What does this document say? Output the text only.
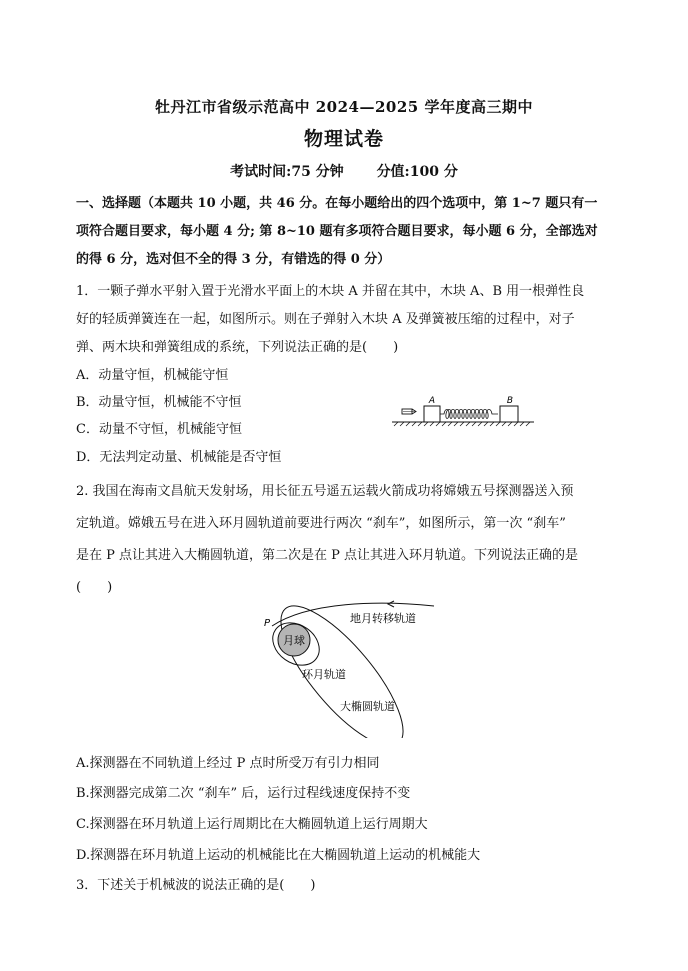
牡丹江市省级示范高中 2024—2025 学年度高三期中
物理试卷
考试时间:75 分钟 分值:100 分
一、选择题（本题共 10 小题，共 46 分。在每小题给出的四个选项中，第 1~7 题只有一
项符合题目要求，每小题 4 分; 第 8~10 题有多项符合题目要求，每小题 6 分，全部选对
的得 6 分，选对但不全的得 3 分，有错选的得 0 分）
1．一颗子弹水平射入置于光滑水平面上的木块 A 并留在其中，木块 A、B 用一根弹性良
好的轻质弹簧连在一起，如图所示。则在子弹射入木块 A 及弹簧被压缩的过程中，对子
弹、两木块和弹簧组成的系统，下列说法正确的是(　　)
A．动量守恒，机械能守恒
B．动量守恒，机械能不守恒
C．动量不守恒，机械能守恒
D．无法判定动量、机械能是否守恒
A	B
2. 我国在海南文昌航天发射场，用长征五号遥五运载火箭成功将嫦娥五号探测器送入预
定轨道。嫦娥五号在进入环月圆轨道前要进行两次 “刹车”，如图所示，第一次 “刹车”
是在 P 点让其进入大椭圆轨道，第二次是在 P 点让其进入环月轨道。下列说法正确的是
(　　)
月球
P	地月转移轨道
环月轨道
大椭圆轨道
A.探测器在不同轨道上经过 P 点时所受万有引力相同
B.探测器完成第二次 “刹车” 后，运行过程线速度保持不变
C.探测器在环月轨道上运行周期比在大椭圆轨道上运行周期大
D.探测器在环月轨道上运动的机械能比在大椭圆轨道上运动的机械能大
3．下述关于机械波的说法正确的是(　　)
